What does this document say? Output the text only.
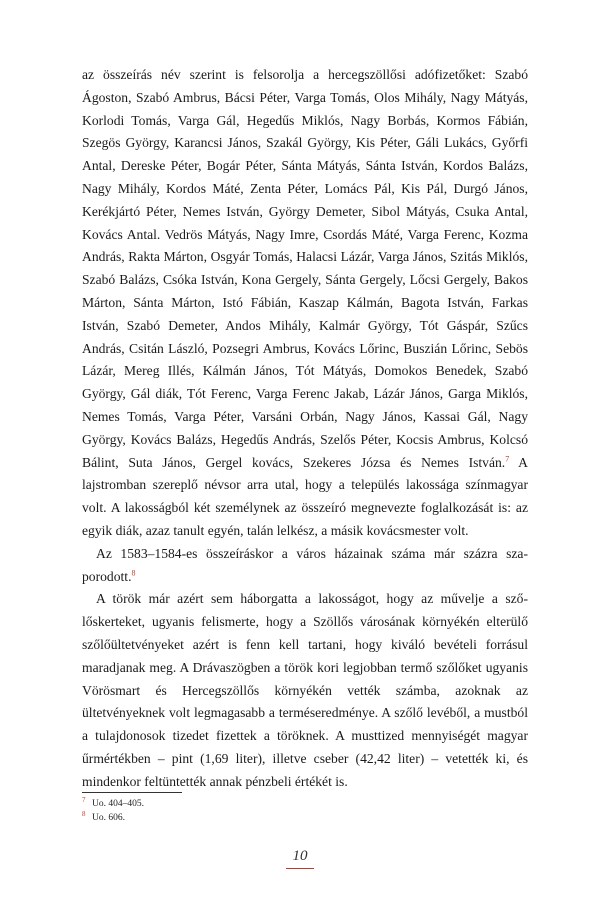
az összeírás név szerint is felsorolja a hercegszöllősi adófizetőket: Szabó Ágoston, Szabó Ambrus, Bácsi Péter, Varga Tomás, Olos Mihály, Nagy Mátyás, Korlodi Tomás, Varga Gál, Hegedűs Miklós, Nagy Borbás, Kormos Fábián, Szegös György, Karancsi János, Szakál György, Kis Péter, Gáli Lukács, Győrfi Antal, Dereske Péter, Bogár Péter, Sánta Mátyás, Sánta István, Kordos Balázs, Nagy Mihály, Kordos Máté, Zenta Péter, Lomács Pál, Kis Pál, Durgó János, Kerékjártó Péter, Nemes István, György Demeter, Sibol Mátyás, Csuka Antal, Kovács Antal. Vedrös Mátyás, Nagy Imre, Csordás Máté, Varga Ferenc, Kozma András, Rakta Márton, Osgyár Tomás, Halacsi Lázár, Varga János, Szitás Miklós, Szabó Balázs, Csóka István, Kona Gergely, Sánta Gergely, Lőcsi Gergely, Bakos Márton, Sánta Márton, Istó Fábián, Kaszap Kálmán, Bagota István, Farkas István, Szabó Demeter, Andos Mihály, Kalmár György, Tót Gáspár, Szűcs András, Csitán László, Pozsegri Ambrus, Kovács Lőrinc, Buszián Lőrinc, Sebös Lázár, Mereg Illés, Kálmán János, Tót Mátyás, Domokos Benedek, Szabó György, Gál diák, Tót Ferenc, Varga Ferenc Jakab, Lázár János, Garga Miklós, Nemes Tomás, Varga Péter, Varsáni Orbán, Nagy János, Kassai Gál, Nagy György, Kovács Balázs, Hegedűs András, Szelős Péter, Kocsis Ambrus, Kolcsó Bálint, Suta János, Gergel kovács, Szekeres Józsa és Nemes István.$^7$ A lajstromban szereplő névsor arra utal, hogy a település lakossága színmagyar volt. A lakosságból két személynek az összeíró megnevezte foglalkozását is: az egyik diák, azaz tanult egyén, talán lelkész, a másik kovácsmester volt.

Az 1583–1584-es összeíráskor a város házainak száma már százra szaporodott.$^8$

A török már azért sem háborgatta a lakosságot, hogy az művelje a szőlőskerteket, ugyanis felismerte, hogy a Szöllős városának környékén elterülő szőlőültetvényeket azért is fenn kell tartani, hogy kiváló bevételi forrásul maradjanak meg. A Drávaszögben a török kori legjobban termő szőlőket ugyanis Vörösmart és Hercegszöllős környékén vették számba, azoknak az ültetvényeknek volt legmagasabb a terméseredménye. A szőlő levéből, a mustból a tulajdonosok tizedet fizettek a töröknek. A musttized mennyiségét magyar űrmértékben – pint (1,69 liter), illetve cseber (42,42 liter) – vetették ki, és mindenkor feltüntették annak pénzbeli értékét is.

7 Uo. 404–405.
8 Uo. 606.
10
